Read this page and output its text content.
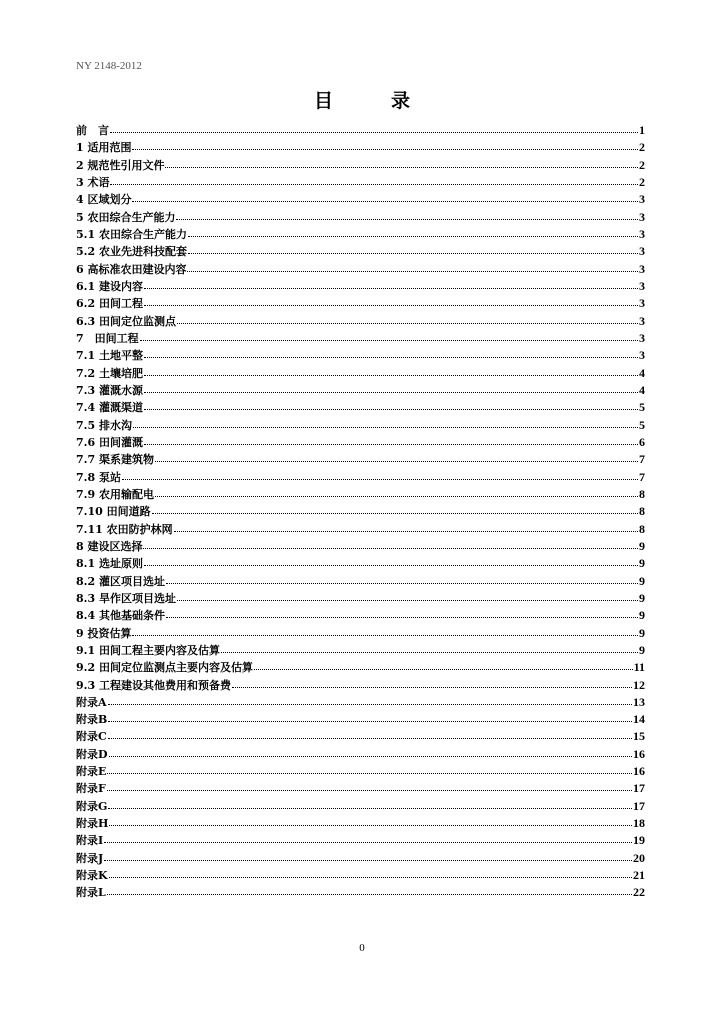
NY 2148-2012
目录
前　言	1
1 适用范围	2
2 规范性引用文件	2
3 术语	2
4 区域划分	3
5 农田综合生产能力	3
5.1 农田综合生产能力	3
5.2 农业先进科技配套	3
6 高标准农田建设内容	3
6.1 建设内容	3
6.2 田间工程	3
6.3 田间定位监测点	3
7　田间工程	3
7.1 土地平整	3
7.2 土壤培肥	4
7.3 灌溉水源	4
7.4 灌溉渠道	5
7.5 排水沟	5
7.6 田间灌溉	6
7.7 渠系建筑物	7
7.8 泵站	7
7.9 农用输配电	8
7.10 田间道路	8
7.11 农田防护林网	8
8 建设区选择	9
8.1 选址原则	9
8.2 灌区项目选址	9
8.3 旱作区项目选址	9
8.4 其他基础条件	9
9 投资估算	9
9.1 田间工程主要内容及估算	9
9.2 田间定位监测点主要内容及估算	11
9.3 工程建设其他费用和预备费	12
附录A	13
附录B	14
附录C	15
附录D	16
附录E	16
附录F	17
附录G	17
附录H	18
附录I	19
附录J	20
附录K	21
附录L	22
0
